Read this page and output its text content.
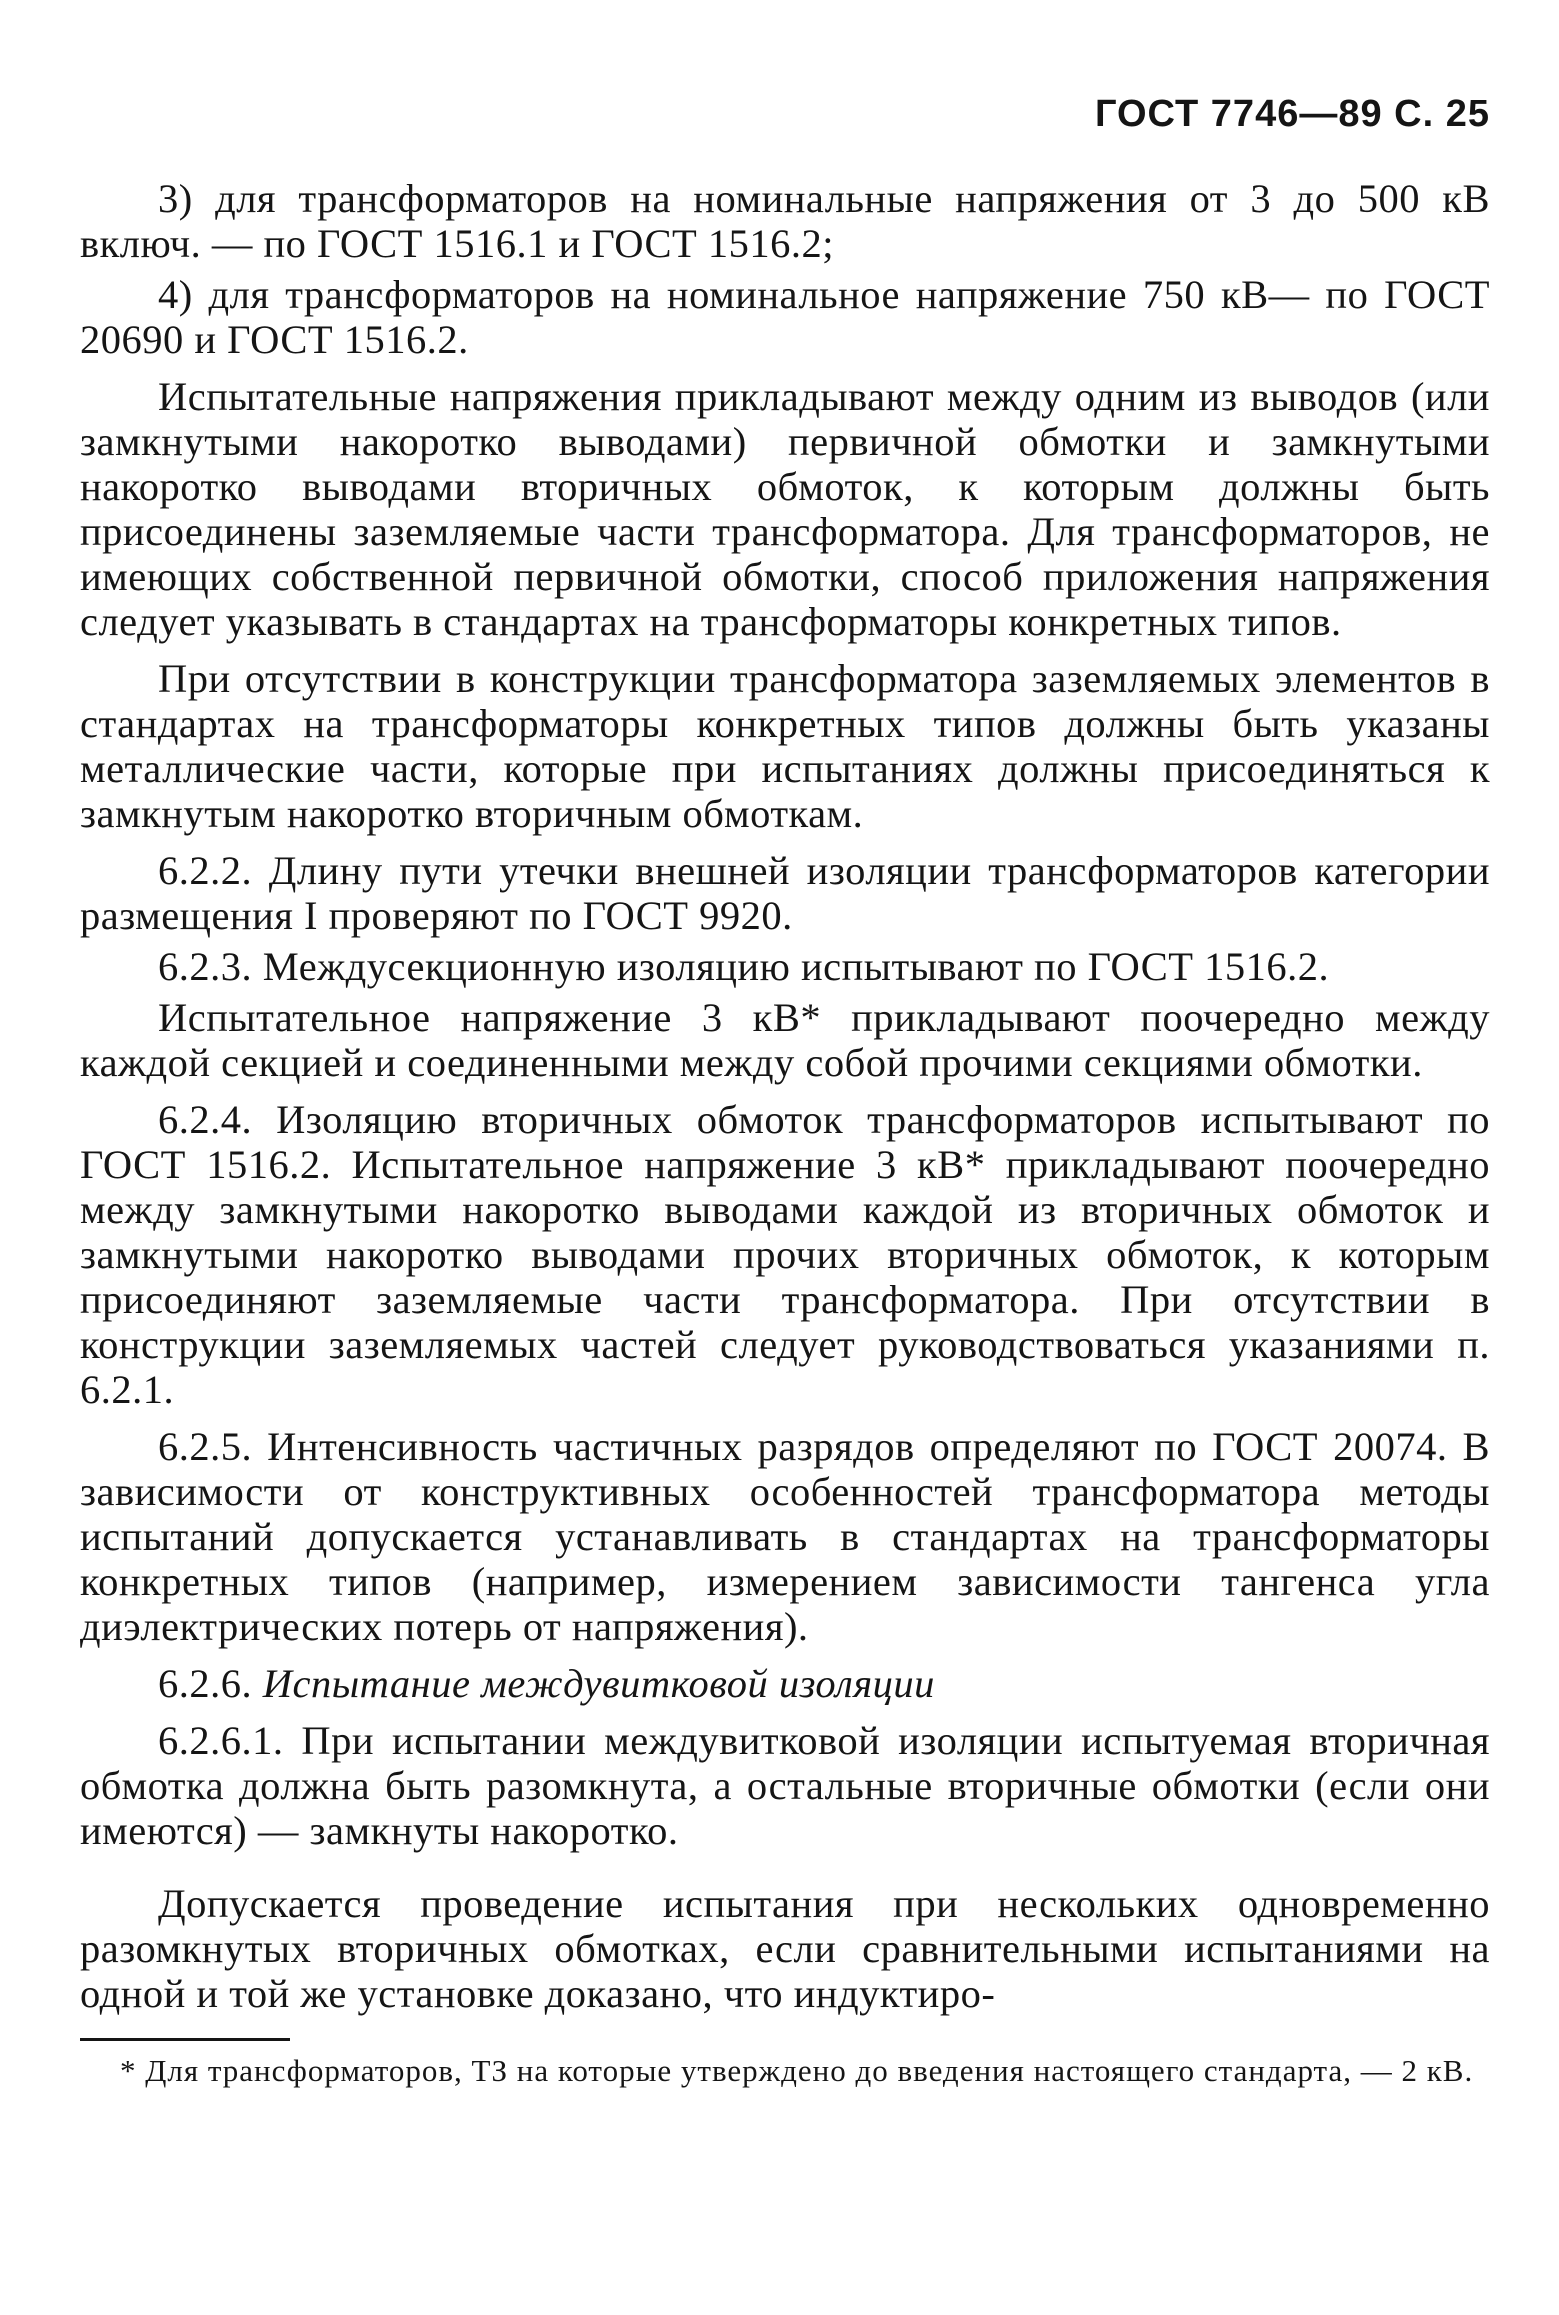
ГОСТ 7746—89 С. 25

3) для трансформаторов на номинальные напряжения от 3 до 500 кВ включ. — по ГОСТ 1516.1 и ГОСТ 1516.2;

4) для трансформаторов на номинальное напряжение 750 кВ— по ГОСТ 20690 и ГОСТ 1516.2.

Испытательные напряжения прикладывают между одним из выводов (или замкнутыми накоротко выводами) первичной обмотки и замкнутыми накоротко выводами вторичных обмоток, к которым должны быть присоединены заземляемые части трансформатора. Для трансформаторов, не имеющих собственной первичной обмотки, способ приложения напряжения следует указывать в стандартах на трансформаторы конкретных типов.

При отсутствии в конструкции трансформатора заземляемых элементов в стандартах на трансформаторы конкретных типов должны быть указаны металлические части, которые при испытаниях должны присоединяться к замкнутым накоротко вторичным обмоткам.

6.2.2. Длину пути утечки внешней изоляции трансформаторов категории размещения I проверяют по ГОСТ 9920.

6.2.3. Междусекционную изоляцию испытывают по ГОСТ 1516.2.

Испытательное напряжение 3 кВ* прикладывают поочередно между каждой секцией и соединенными между собой прочими секциями обмотки.

6.2.4. Изоляцию вторичных обмоток трансформаторов испытывают по ГОСТ 1516.2. Испытательное напряжение 3 кВ* прикладывают поочередно между замкнутыми накоротко выводами каждой из вторичных обмоток и замкнутыми накоротко выводами прочих вторичных обмоток, к которым присоединяют заземляемые части трансформатора. При отсутствии в конструкции заземляемых частей следует руководствоваться указаниями п. 6.2.1.

6.2.5. Интенсивность частичных разрядов определяют по ГОСТ 20074. В зависимости от конструктивных особенностей трансформатора методы испытаний допускается устанавливать в стандартах на трансформаторы конкретных типов (например, измерением зависимости тангенса угла диэлектрических потерь от напряжения).

6.2.6. Испытание междувитковой изоляции

6.2.6.1. При испытании междувитковой изоляции испытуемая вторичная обмотка должна быть разомкнута, а остальные вторичные обмотки (если они имеются) — замкнуты накоротко.

Допускается проведение испытания при нескольких одновременно разомкнутых вторичных обмотках, если сравнительными испытаниями на одной и той же установке доказано, что индуктиро-

* Для трансформаторов, ТЗ на которые утверждено до введения настоящего стандарта, — 2 кВ.
